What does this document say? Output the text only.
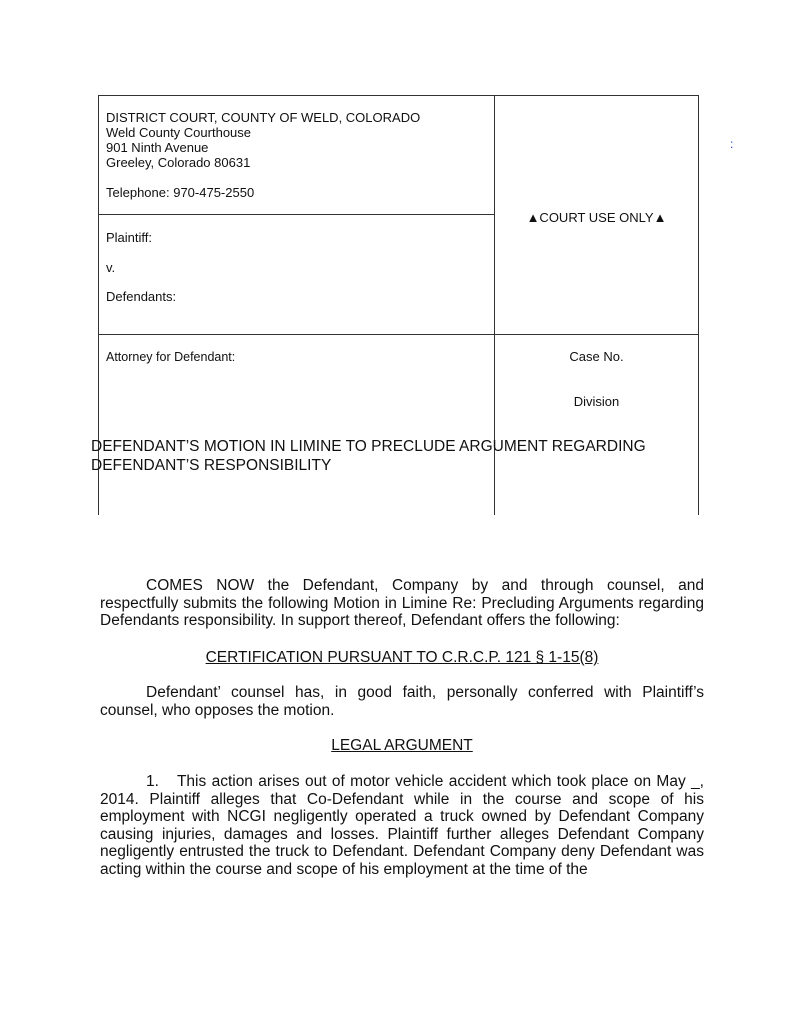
DISTRICT COURT, COUNTY OF WELD, COLORADO
Weld County Courthouse
901 Ninth Avenue
Greeley, Colorado 80631
Telephone: 970-475-2550
▲COURT USE ONLY▲
:
Plaintiff:
v.
Defendants:
Attorney for Defendant:	Case No.
Division
DEFENDANT’S MOTION IN LIMINE TO PRECLUDE ARGUMENT REGARDING
DEFENDANT’S RESPONSIBILITY
COMES NOW the Defendant, Company by and through counsel, and respectfully submits the following Motion in Limine Re: Precluding Arguments regarding Defendants responsibility. In support thereof, Defendant offers the following:
CERTIFICATION PURSUANT TO C.R.C.P. 121 § 1-15(8)
Defendant’ counsel has, in good faith, personally conferred with Plaintiff’s counsel, who opposes the motion.
LEGAL ARGUMENT
1. This action arises out of motor vehicle accident which took place on May _, 2014. Plaintiff alleges that Co-Defendant while in the course and scope of his employment with NCGI negligently operated a truck owned by Defendant Company causing injuries, damages and losses. Plaintiff further alleges Defendant Company negligently entrusted the truck to Defendant. Defendant Company deny Defendant was acting within the course and scope of his employment at the time of the
